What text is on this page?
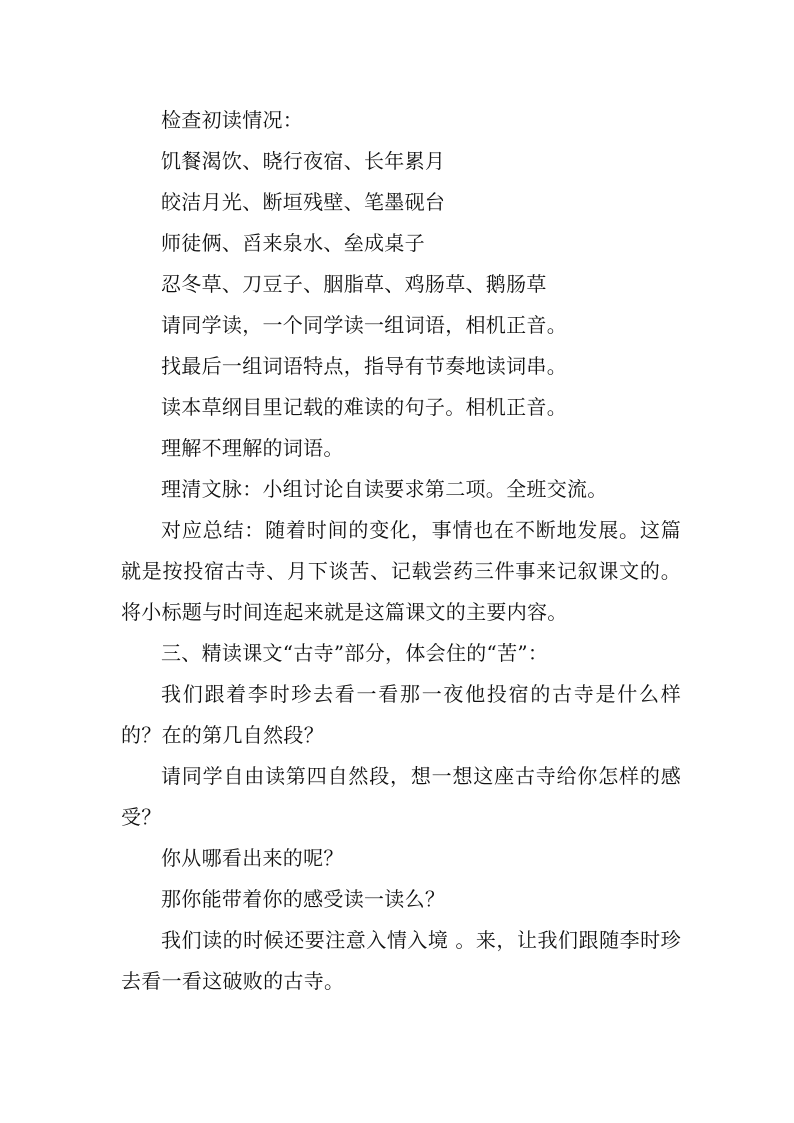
检查初读情况：

饥餐渴饮、晓行夜宿、长年累月

皎洁月光、断垣残壁、笔墨砚台

师徒俩、舀来泉水、垒成桌子

忍冬草、刀豆子、胭脂草、鸡肠草、鹅肠草

请同学读，一个同学读一组词语，相机正音。

找最后一组词语特点，指导有节奏地读词串。

读本草纲目里记载的难读的句子。相机正音。

理解不理解的词语。

理清文脉：小组讨论自读要求第二项。全班交流。

对应总结：随着时间的变化，事情也在不断地发展。这篇就是按投宿古寺、月下谈苦、记载尝药三件事来记叙课文的。将小标题与时间连起来就是这篇课文的主要内容。

三、精读课文“古寺”部分，体会住的“苦”：

我们跟着李时珍去看一看那一夜他投宿的古寺是什么样的？在的第几自然段？

请同学自由读第四自然段，想一想这座古寺给你怎样的感受？

你从哪看出来的呢？

那你能带着你的感受读一读么？

我们读的时候还要注意入情入境 。来，让我们跟随李时珍去看一看这破败的古寺。
